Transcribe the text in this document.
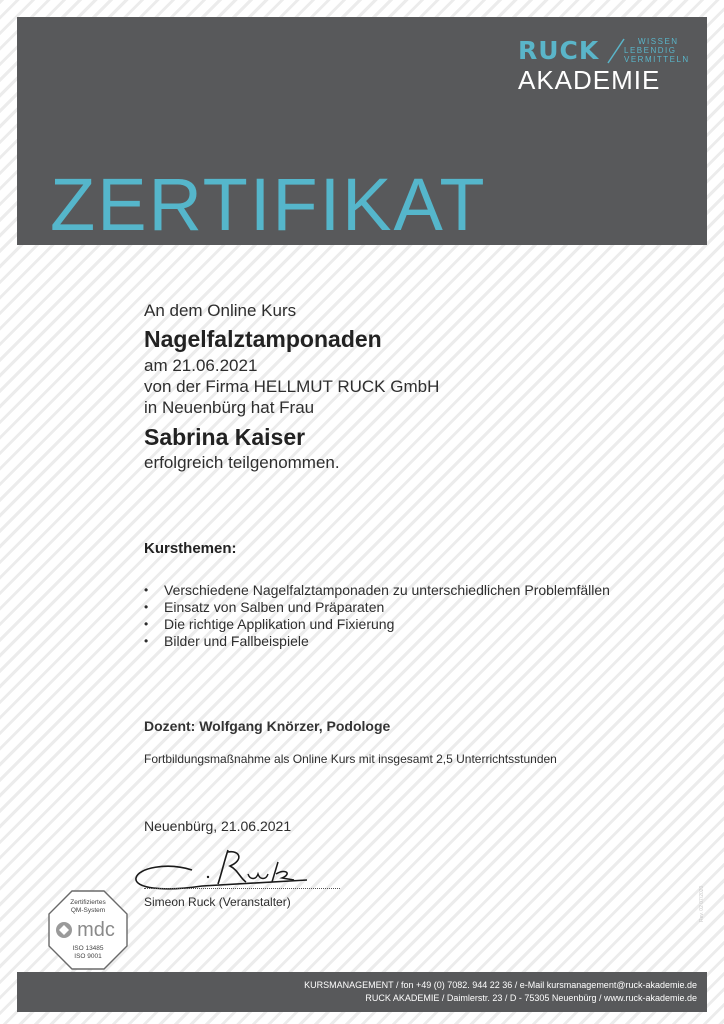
RUCK	WISSEN
LEBENDIG
VERMITTELN
AKADEMIE
ZERTIFIKAT
An dem Online Kurs
Nagelfalztamponaden
am 21.06.2021
von der Firma HELLMUT RUCK GmbH
in Neuenbürg hat Frau
Sabrina Kaiser
erfolgreich teilgenommen.
Kursthemen:
• Verschiedene Nagelfalztamponaden zu unterschiedlichen Problemfällen
• Einsatz von Salben und Präparaten
• Die richtige Applikation und Fixierung
• Bilder und Fallbeispiele
Dozent: Wolfgang Knörzer, Podologe
Fortbildungsmaßnahme als Online Kurs mit insgesamt 2,5 Unterrichtsstunden
Neuenbürg, 21.06.2021
Simeon Ruck (Veranstalter)
Zertifiziertes
QM-System
mdc
ISO 13485
ISO 9001
Rev. 02 07/2020
KURSMANAGEMENT / fon +49 (0) 7082. 944 22 36 / e-Mail kursmanagement@ruck-akademie.de
RUCK AKADEMIE / Daimlerstr. 23 / D - 75305 Neuenbürg / www.ruck-akademie.de
